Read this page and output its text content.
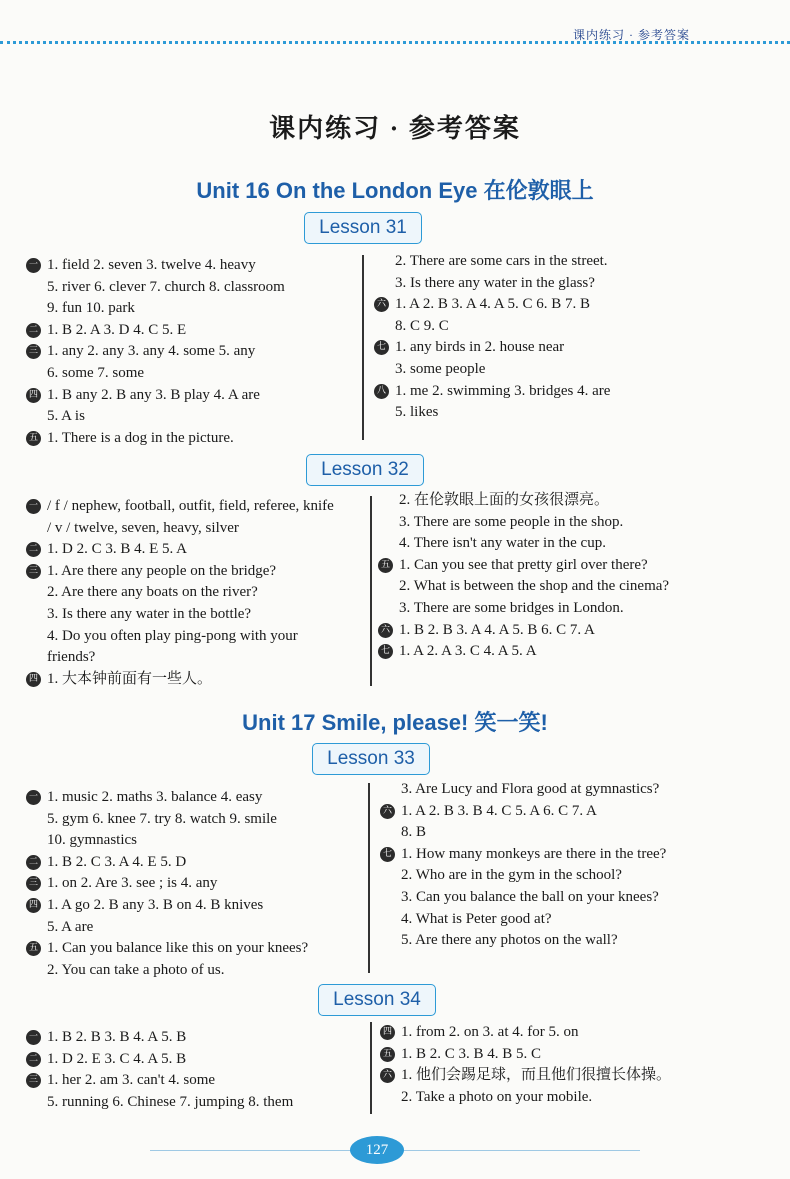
课内练习 · 参考答案
课内练习 · 参考答案
Unit 16 On the London Eye 在伦敦眼上
Lesson 31
一 1. field 2. seven 3. twelve 4. heavy
5. river 6. clever 7. church 8. classroom
9. fun 10. park
二 1. B 2. A 3. D 4. C 5. E
三 1. any 2. any 3. any 4. some 5. any
6. some 7. some
四 1. B any 2. B any 3. B play 4. A are
5. A is
五 1. There is a dog in the picture.
2. There are some cars in the street.
3. Is there any water in the glass?
六 1. A 2. B 3. A 4. A 5. C 6. B 7. B
8. C 9. C
七 1. any birds in 2. house near
3. some people
八 1. me 2. swimming 3. bridges 4. are
5. likes
Lesson 32
一 / f / nephew, football, outfit, field, referee, knife
/ v / twelve, seven, heavy, silver
二 1. D 2. C 3. B 4. E 5. A
三 1. Are there any people on the bridge?
2. Are there any boats on the river?
3. Is there any water in the bottle?
4. Do you often play ping-pong with your
friends?
四 1. 大本钟前面有一些人。
2. 在伦敦眼上面的女孩很漂亮。
3. There are some people in the shop.
4. There isn't any water in the cup.
五 1. Can you see that pretty girl over there?
2. What is between the shop and the cinema?
3. There are some bridges in London.
六 1. B 2. B 3. A 4. A 5. B 6. C 7. A
七 1. A 2. A 3. C 4. A 5. A
Unit 17 Smile, please! 笑一笑!
Lesson 33
一 1. music 2. maths 3. balance 4. easy
5. gym 6. knee 7. try 8. watch 9. smile
10. gymnastics
二 1. B 2. C 3. A 4. E 5. D
三 1. on 2. Are 3. see ; is 4. any
四 1. A go 2. B any 3. B on 4. B knives
5. A are
五 1. Can you balance like this on your knees?
2. You can take a photo of us.
3. Are Lucy and Flora good at gymnastics?
六 1. A 2. B 3. B 4. C 5. A 6. C 7. A
8. B
七 1. How many monkeys are there in the tree?
2. Who are in the gym in the school?
3. Can you balance the ball on your knees?
4. What is Peter good at?
5. Are there any photos on the wall?
Lesson 34
一 1. B 2. B 3. B 4. A 5. B
二 1. D 2. E 3. C 4. A 5. B
三 1. her 2. am 3. can't 4. some
5. running 6. Chinese 7. jumping 8. them
四 1. from 2. on 3. at 4. for 5. on
五 1. B 2. C 3. B 4. B 5. C
六 1. 他们会踢足球，而且他们很擅长体操。
2. Take a photo on your mobile.
127
